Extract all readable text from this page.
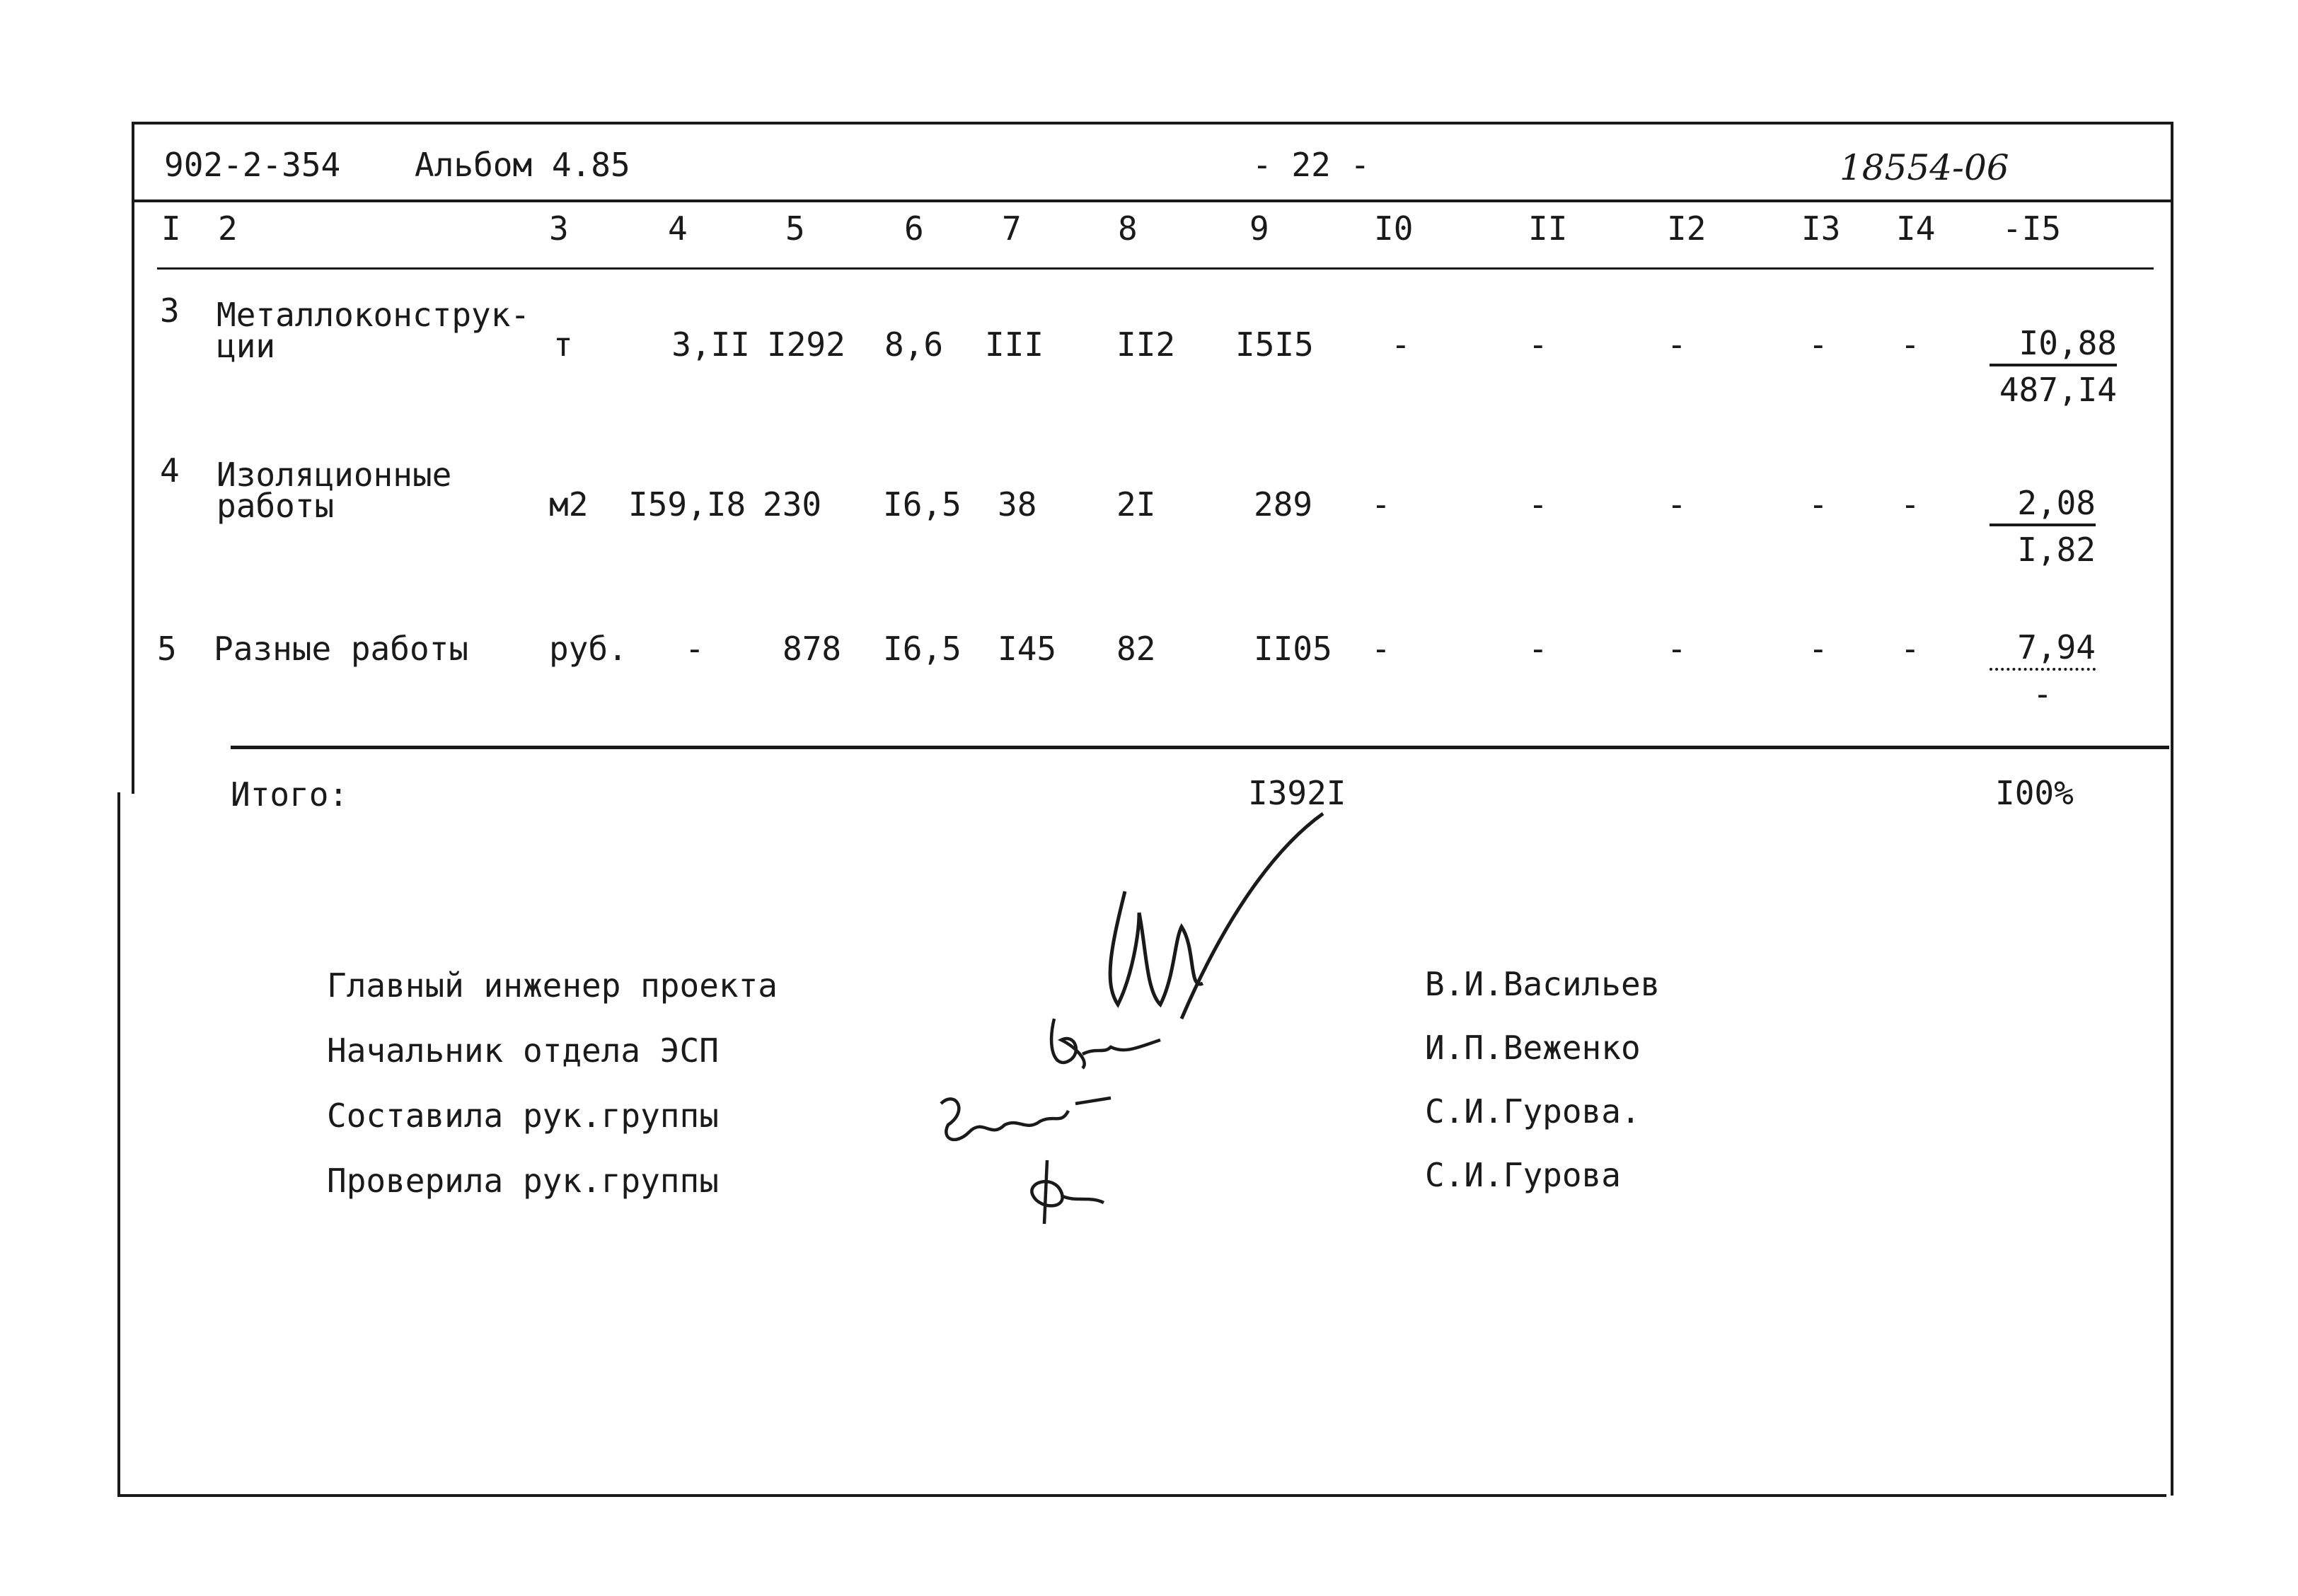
902-2-354 Альбом 4.85	- 22 -	18554-06
I 2	3	4	5	6 7	8	9	I0	II	I2	I3 I4 -I5
3 Металлоконструк-
ции	т	3,II I292 8,6 III II2 I5I5 -	-	-	- - $\frac{I0,88}{487,I4}$
4 Изоляционные
работы	м2 I59,I8 230 I6,5 38 2I	289 -	-	-	- - $\frac{2,08}{I,82}$
5 Разные работы руб. - 878 I6,5 I45 82	II05 -	-	-	- -	7,94
-
Итого:	I392I	I00%
Главный инженер проекта
Начальник отдела ЭСП
Составила рук.группы
Проверила рук.группы
В.И.Васильев
И.П.Веженко
С.И.Гурова.
С.И.Гурова
